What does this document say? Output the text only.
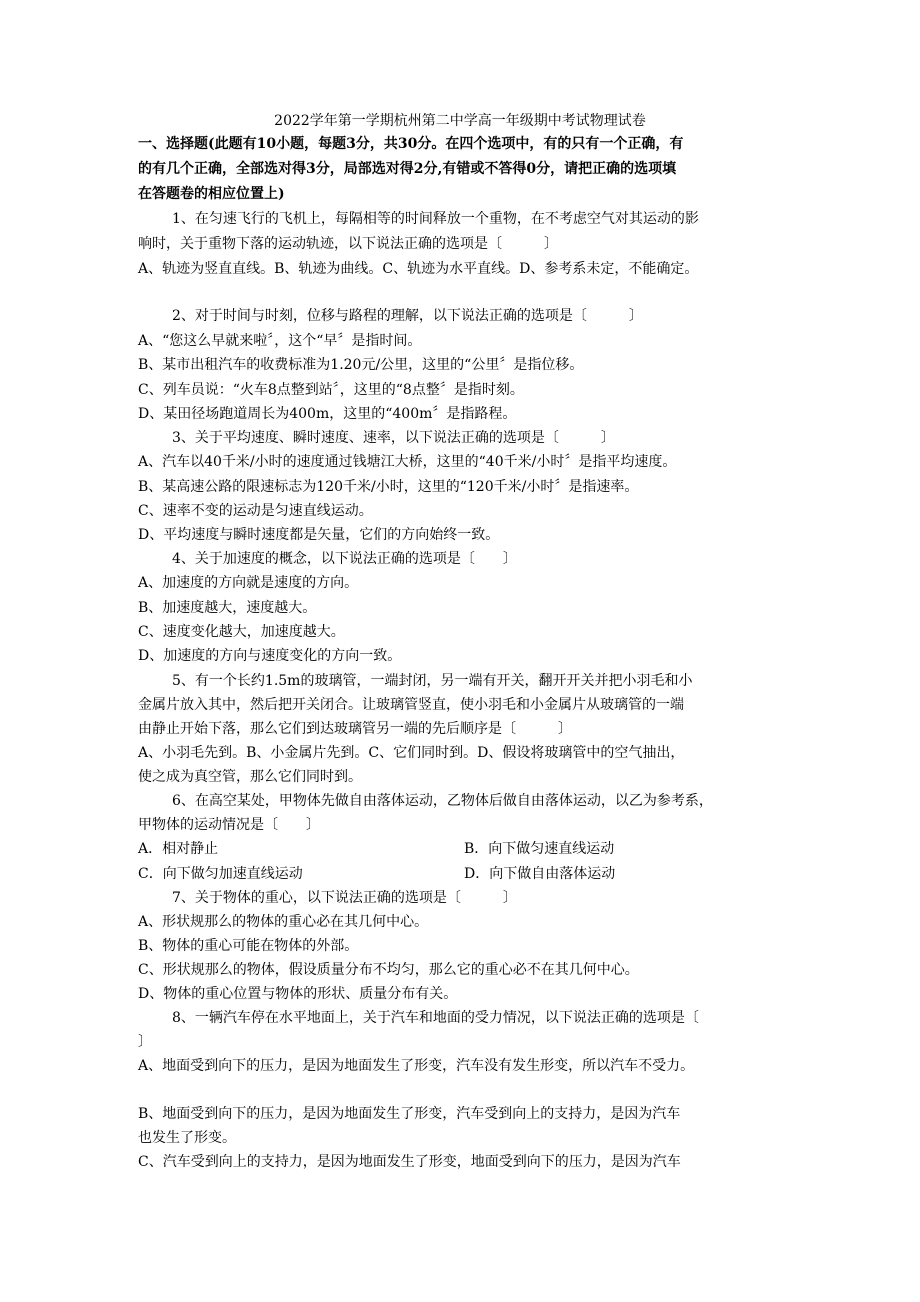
2022学年第一学期杭州第二中学高一年级期中考试物理试卷
一、选择题(此题有10小题，每题3分，共30分。在四个选项中，有的只有一个正确，有
的有几个正确，全部选对得3分，局部选对得2分,有错或不答得0分，请把正确的选项填
在答题卷的相应位置上)
1、在匀速飞行的飞机上，每隔相等的时间释放一个重物，在不考虑空气对其运动的影
响时，关于重物下落的运动轨迹，以下说法正确的选项是〔　　　〕
A、轨迹为竖直直线。B、轨迹为曲线。C、轨迹为水平直线。D、参考系未定，不能确定。
2、对于时间与时刻，位移与路程的理解，以下说法正确的选项是〔　　　〕
A、“您这么早就来啦〞，这个“早〞是指时间。
B、某市出租汽车的收费标准为1.20元/公里，这里的“公里〞是指位移。
C、列车员说：“火车8点整到站〞，这里的“8点整〞是指时刻。
D、某田径场跑道周长为400m，这里的“400m〞是指路程。
3、关于平均速度、瞬时速度、速率，以下说法正确的选项是〔　　　〕
A、汽车以40千米/小时的速度通过钱塘江大桥，这里的“40千米/小时〞是指平均速度。
B、某高速公路的限速标志为120千米/小时，这里的“120千米/小时〞是指速率。
C、速率不变的运动是匀速直线运动。
D、平均速度与瞬时速度都是矢量，它们的方向始终一致。
4、关于加速度的概念，以下说法正确的选项是〔　　〕
A、加速度的方向就是速度的方向。
B、加速度越大，速度越大。
C、速度变化越大，加速度越大。
D、加速度的方向与速度变化的方向一致。
5、有一个长约1.5m的玻璃管，一端封闭，另一端有开关，翻开开关并把小羽毛和小
金属片放入其中，然后把开关闭合。让玻璃管竖直，使小羽毛和小金属片从玻璃管的一端
由静止开始下落，那么它们到达玻璃管另一端的先后顺序是〔　　　〕
A、小羽毛先到。B、小金属片先到。C、它们同时到。D、假设将玻璃管中的空气抽出，
使之成为真空管，那么它们同时到。
6、在高空某处，甲物体先做自由落体运动，乙物体后做自由落体运动，以乙为参考系，
甲物体的运动情况是〔　　〕
A．相对静止	B．向下做匀速直线运动
C．向下做匀加速直线运动	D．向下做自由落体运动
7、关于物体的重心，以下说法正确的选项是〔　　　〕
A、形状规那么的物体的重心必在其几何中心。
B、物体的重心可能在物体的外部。
C、形状规那么的物体，假设质量分布不均匀，那么它的重心必不在其几何中心。
D、物体的重心位置与物体的形状、质量分布有关。
8、一辆汽车停在水平地面上，关于汽车和地面的受力情况，以下说法正确的选项是〔
〕
A、地面受到向下的压力，是因为地面发生了形变，汽车没有发生形变，所以汽车不受力。
B、地面受到向下的压力，是因为地面发生了形变，汽车受到向上的支持力，是因为汽车
也发生了形变。
C、汽车受到向上的支持力，是因为地面发生了形变，地面受到向下的压力，是因为汽车
